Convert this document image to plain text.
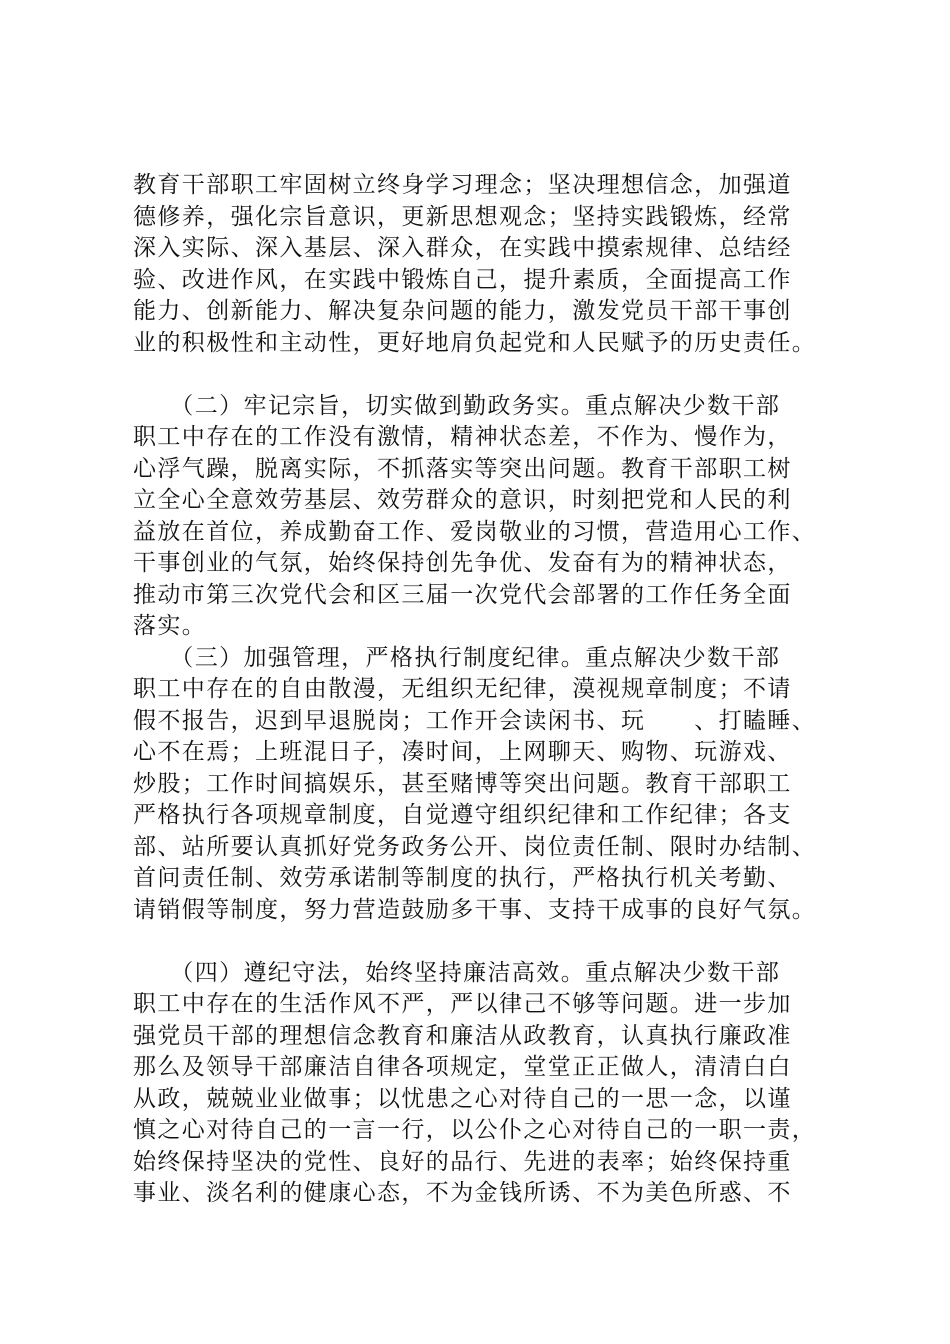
教育干部职工牢固树立终身学习理念；坚决理想信念，加强道
德修养，强化宗旨意识，更新思想观念；坚持实践锻炼，经常
深入实际、深入基层、深入群众，在实践中摸索规律、总结经
验、改进作风，在实践中锻炼自己，提升素质，全面提高工作
能力、创新能力、解决复杂问题的能力，激发党员干部干事创
业的积极性和主动性，更好地肩负起党和人民赋予的历史责任。
　　（二）牢记宗旨，切实做到勤政务实。重点解决少数干部
职工中存在的工作没有激情，精神状态差，不作为、慢作为，
心浮气躁，脱离实际，不抓落实等突出问题。教育干部职工树
立全心全意效劳基层、效劳群众的意识，时刻把党和人民的利
益放在首位，养成勤奋工作、爱岗敬业的习惯，营造用心工作、
干事创业的气氛，始终保持创先争优、发奋有为的精神状态，
推动市第三次党代会和区三届一次党代会部署的工作任务全面
落实。
　　（三）加强管理，严格执行制度纪律。重点解决少数干部
职工中存在的自由散漫，无组织无纪律，漠视规章制度；不请
假不报告，迟到早退脱岗；工作开会读闲书、玩　　、打瞌睡、
心不在焉；上班混日子，凑时间，上网聊天、购物、玩游戏、
炒股；工作时间搞娱乐，甚至赌博等突出问题。教育干部职工
严格执行各项规章制度，自觉遵守组织纪律和工作纪律；各支
部、站所要认真抓好党务政务公开、岗位责任制、限时办结制、
首问责任制、效劳承诺制等制度的执行，严格执行机关考勤、
请销假等制度，努力营造鼓励多干事、支持干成事的良好气氛。
　　（四）遵纪守法，始终坚持廉洁高效。重点解决少数干部
职工中存在的生活作风不严，严以律己不够等问题。进一步加
强党员干部的理想信念教育和廉洁从政教育，认真执行廉政准
那么及领导干部廉洁自律各项规定，堂堂正正做人，清清白白
从政，兢兢业业做事；以忧患之心对待自己的一思一念，以谨
慎之心对待自己的一言一行，以公仆之心对待自己的一职一责，
始终保持坚决的党性、良好的品行、先进的表率；始终保持重
事业、淡名利的健康心态，不为金钱所诱、不为美色所惑、不
